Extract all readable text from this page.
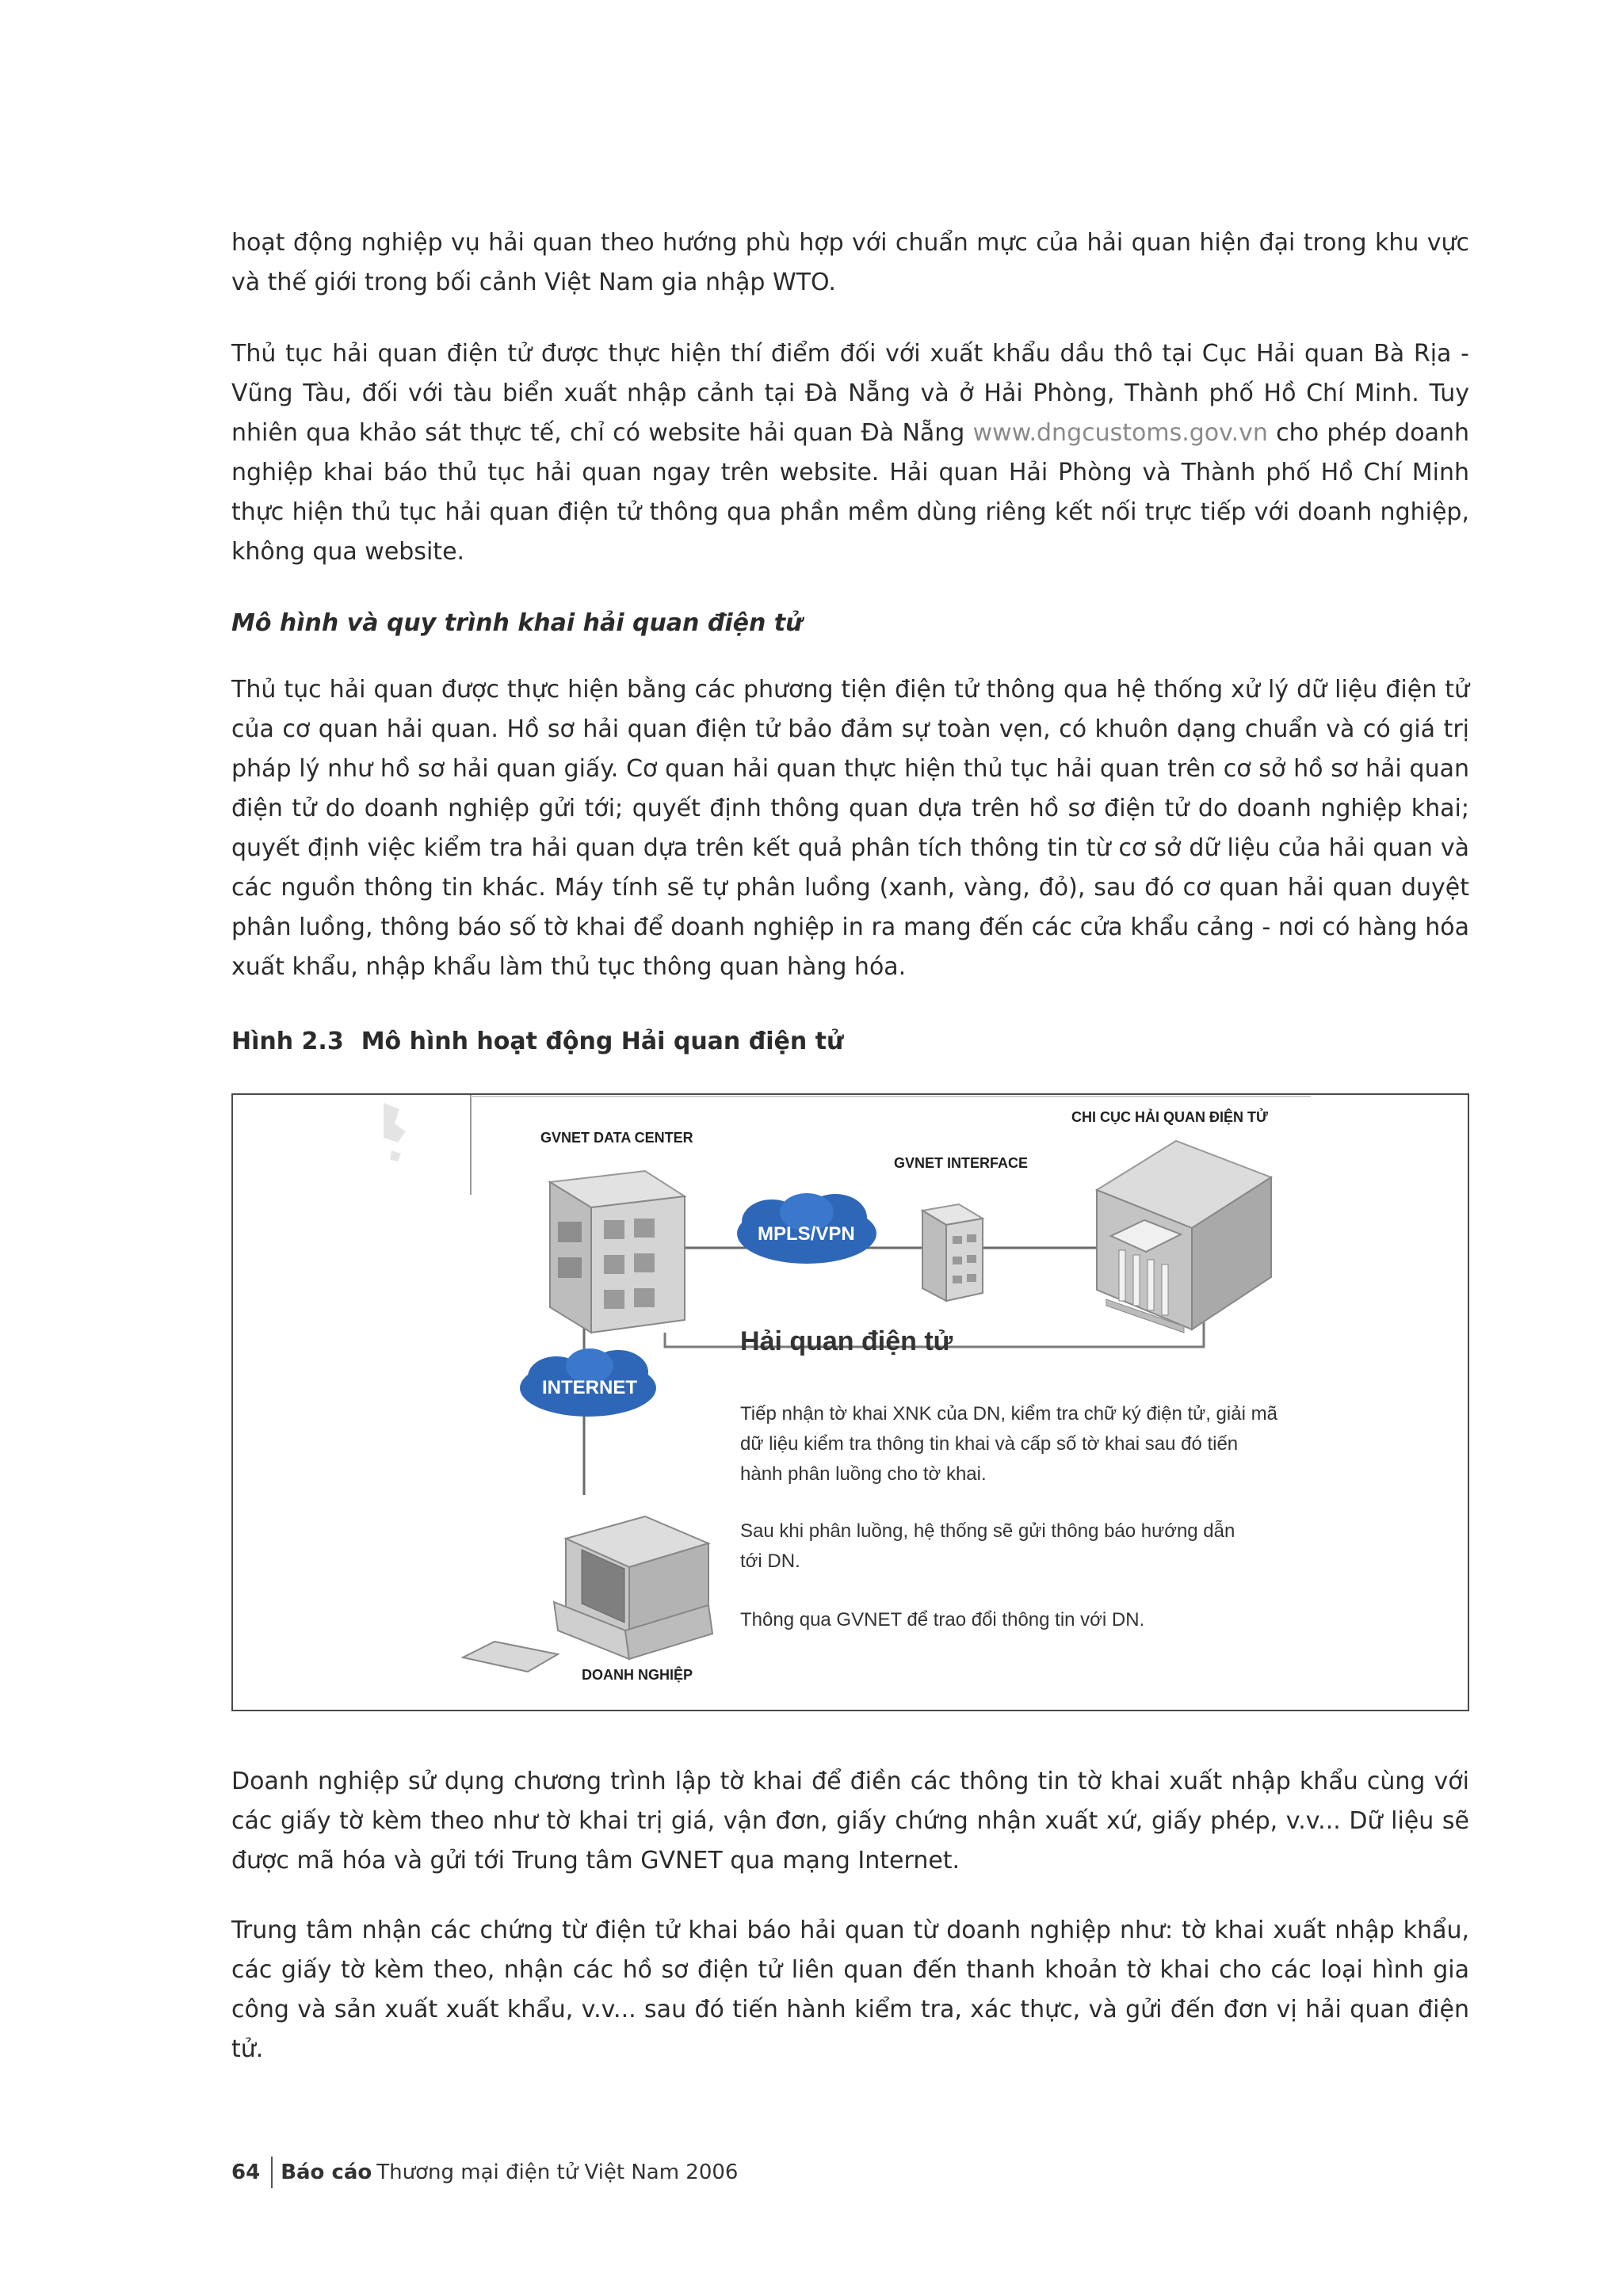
hoạt động nghiệp vụ hải quan theo hướng phù hợp với chuẩn mực của hải quan hiện đại trong khu vực và thế giới trong bối cảnh Việt Nam gia nhập WTO.

Thủ tục hải quan điện tử được thực hiện thí điểm đối với xuất khẩu dầu thô tại Cục Hải quan Bà Rịa - Vũng Tàu, đối với tàu biển xuất nhập cảnh tại Đà Nẵng và ở Hải Phòng, Thành phố Hồ Chí Minh. Tuy nhiên qua khảo sát thực tế, chỉ có website hải quan Đà Nẵng www.dngcustoms.gov.vn cho phép doanh nghiệp khai báo thủ tục hải quan ngay trên website. Hải quan Hải Phòng và Thành phố Hồ Chí Minh thực hiện thủ tục hải quan điện tử thông qua phần mềm dùng riêng kết nối trực tiếp với doanh nghiệp, không qua website.

Mô hình và quy trình khai hải quan điện tử

Thủ tục hải quan được thực hiện bằng các phương tiện điện tử thông qua hệ thống xử lý dữ liệu điện tử của cơ quan hải quan. Hồ sơ hải quan điện tử bảo đảm sự toàn vẹn, có khuôn dạng chuẩn và có giá trị pháp lý như hồ sơ hải quan giấy. Cơ quan hải quan thực hiện thủ tục hải quan trên cơ sở hồ sơ hải quan điện tử do doanh nghiệp gửi tới; quyết định thông quan dựa trên hồ sơ điện tử do doanh nghiệp khai; quyết định việc kiểm tra hải quan dựa trên kết quả phân tích thông tin từ cơ sở dữ liệu của hải quan và các nguồn thông tin khác. Máy tính sẽ tự phân luồng (xanh, vàng, đỏ), sau đó cơ quan hải quan duyệt phân luồng, thông báo số tờ khai để doanh nghiệp in ra mang đến các cửa khẩu cảng - nơi có hàng hóa xuất khẩu, nhập khẩu làm thủ tục thông quan hàng hóa.

Hình 2.3 Mô hình hoạt động Hải quan điện tử

GVNET DATA CENTER
GVNET INTERFACE
CHI CỤC HẢI QUAN ĐIỆN TỬ
DOANH NGHIỆP
MPLS/VPN
INTERNET
Hải quan điện tử

Tiếp nhận tờ khai XNK của DN, kiểm tra chữ ký điện tử, giải mã dữ liệu kiểm tra thông tin khai và cấp số tờ khai sau đó tiến hành phân luồng cho tờ khai.

Sau khi phân luồng, hệ thống sẽ gửi thông báo hướng dẫn tới DN.

Thông qua GVNET để trao đổi thông tin với DN.

Doanh nghiệp sử dụng chương trình lập tờ khai để điền các thông tin tờ khai xuất nhập khẩu cùng với các giấy tờ kèm theo như tờ khai trị giá, vận đơn, giấy chứng nhận xuất xứ, giấy phép, v.v... Dữ liệu sẽ được mã hóa và gửi tới Trung tâm GVNET qua mạng Internet.

Trung tâm nhận các chứng từ điện tử khai báo hải quan từ doanh nghiệp như: tờ khai xuất nhập khẩu, các giấy tờ kèm theo, nhận các hồ sơ điện tử liên quan đến thanh khoản tờ khai cho các loại hình gia công và sản xuất xuất khẩu, v.v... sau đó tiến hành kiểm tra, xác thực, và gửi đến đơn vị hải quan điện tử.

64 Báo cáo Thương mại điện tử Việt Nam 2006
